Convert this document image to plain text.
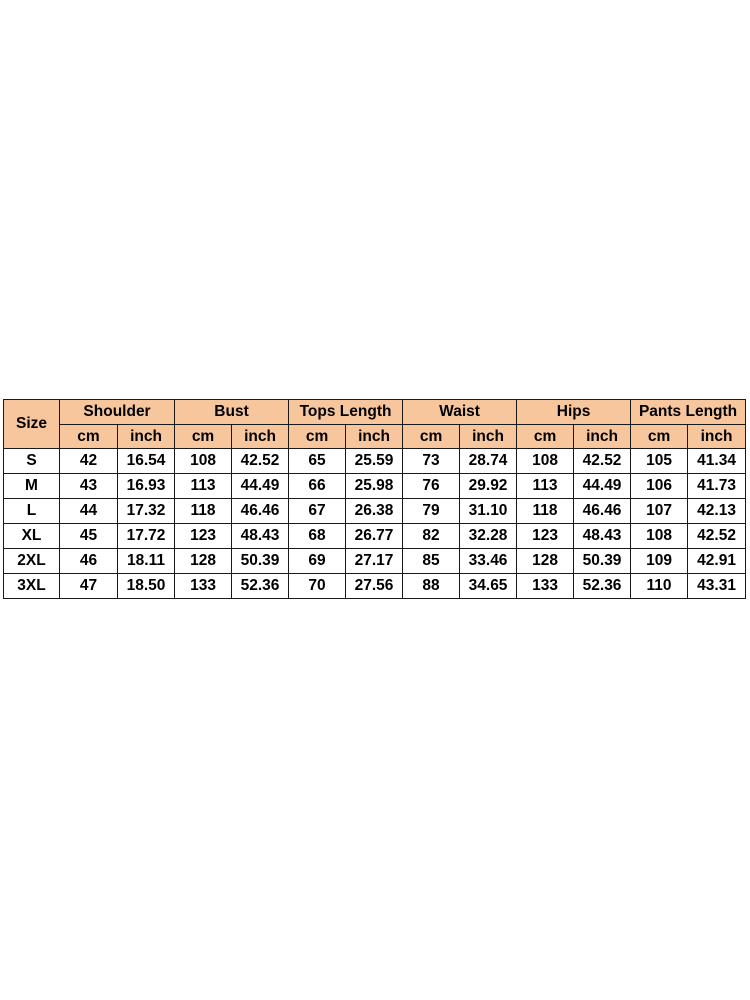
Size	Shoulder		Bust		Tops Length		Waist		Hips		Pants Length	
	cm	inch	cm	inch	cm	inch	cm	inch	cm	inch	cm	inch
S	42	16.54	108	42.52	65	25.59	73	28.74	108	42.52	105	41.34
M	43	16.93	113	44.49	66	25.98	76	29.92	113	44.49	106	41.73
L	44	17.32	118	46.46	67	26.38	79	31.10	118	46.46	107	42.13
XL	45	17.72	123	48.43	68	26.77	82	32.28	123	48.43	108	42.52
2XL	46	18.11	128	50.39	69	27.17	85	33.46	128	50.39	109	42.91
3XL	47	18.50	133	52.36	70	27.56	88	34.65	133	52.36	110	43.31
